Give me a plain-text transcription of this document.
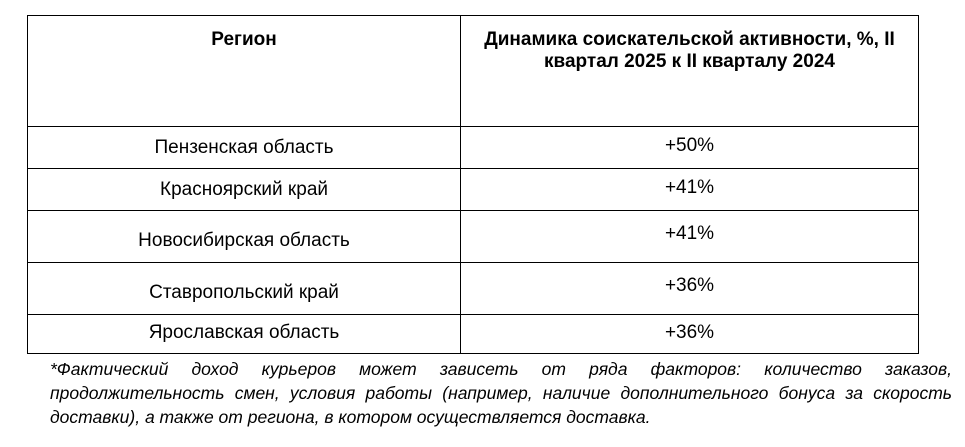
Регион	Динамика соискательской активности, %, II квартал 2025 к II кварталу 2024

Пензенская область	+50%

Красноярский край	+41%

Новосибирская область	+41%

Ставропольский край	+36%

Ярославская область	+36%
*Фактический доход курьеров может зависеть от ряда факторов: количество заказов, продолжительность смен, условия работы (например, наличие дополнительного бонуса за скорость доставки), а также от региона, в котором осуществляется доставка.
